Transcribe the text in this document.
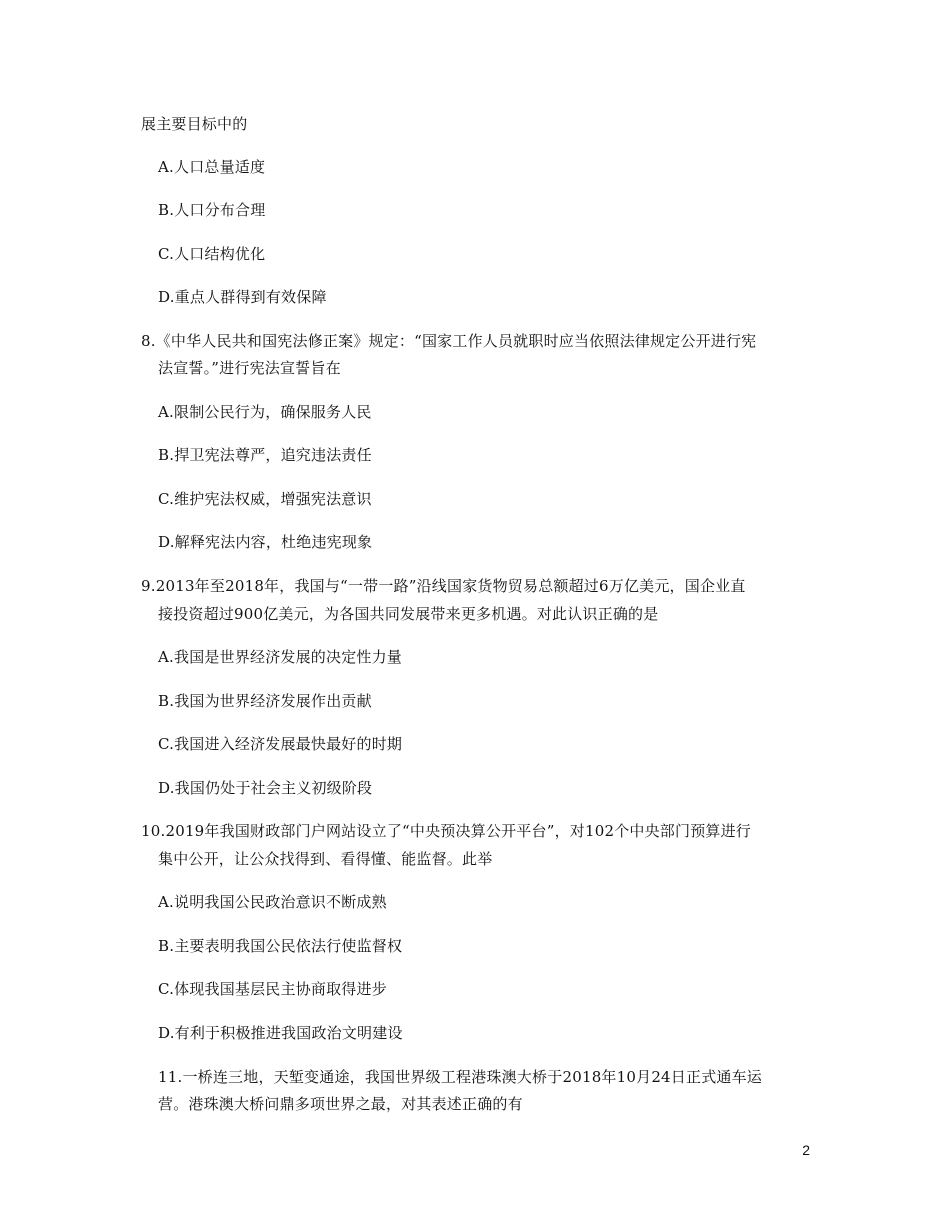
展主要目标中的
A.人口总量适度
B.人口分布合理
C.人口结构优化
D.重点人群得到有效保障
8.《中华人民共和国宪法修正案》规定：“国家工作人员就职时应当依照法律规定公开进行宪
法宣誓。”进行宪法宣誓旨在
A.限制公民行为，确保服务人民
B.捍卫宪法尊严，追究违法责任
C.维护宪法权威，增强宪法意识
D.解释宪法内容，杜绝违宪现象
9.2013年至2018年，我国与“一带一路”沿线国家货物贸易总额超过6万亿美元，国企业直
接投资超过900亿美元，为各国共同发展带来更多机遇。对此认识正确的是
A.我国是世界经济发展的决定性力量
B.我国为世界经济发展作出贡献
C.我国进入经济发展最快最好的时期
D.我国仍处于社会主义初级阶段
10.2019年我国财政部门户网站设立了“中央预决算公开平台”，对102个中央部门预算进行
集中公开，让公众找得到、看得懂、能监督。此举
A.说明我国公民政治意识不断成熟
B.主要表明我国公民依法行使监督权
C.体现我国基层民主协商取得进步
D.有利于积极推进我国政治文明建设
11.一桥连三地，天堑变通途，我国世界级工程港珠澳大桥于2018年10月24日正式通车运
营。港珠澳大桥问鼎多项世界之最，对其表述正确的有
2
